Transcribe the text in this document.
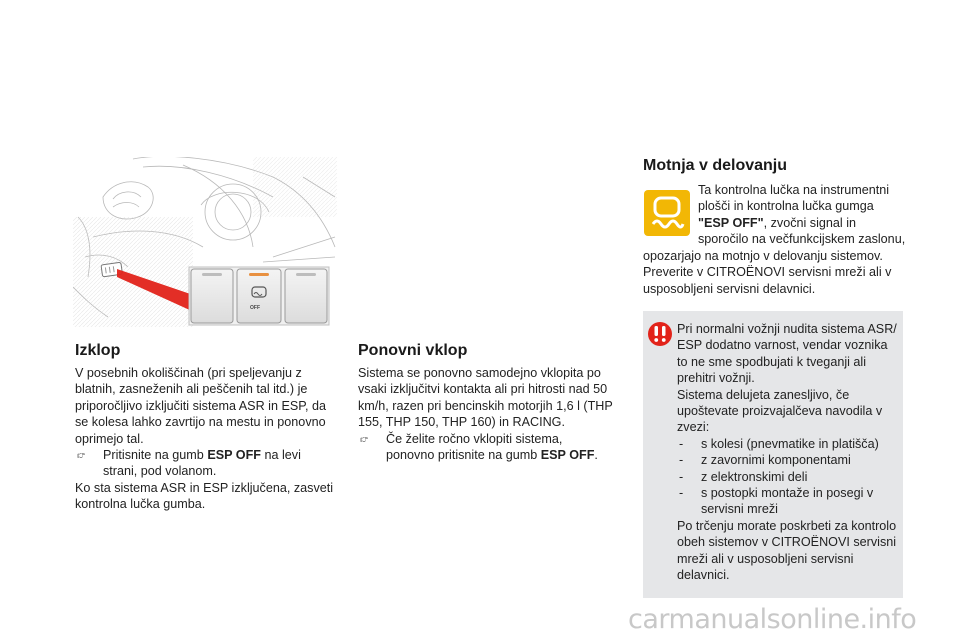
OFF
Izklop

V posebnih okoliščinah (pri speljevanju z blatnih, zasneženih ali peščenih tal itd.) je priporočljivo izključiti sistema ASR in ESP, da se kolesa lahko zavrtijo na mestu in ponovno oprimejo tal.

👉︎	Pritisnite na gumb ESP OFF na levi strani, pod volanom.

Ko sta sistema ASR in ESP izključena, zasveti kontrolna lučka gumba.

Ponovni vklop

Sistema se ponovno samodejno vklopita po vsaki izključitvi kontakta ali pri hitrosti nad 50 km/h, razen pri bencinskih motorjih 1,6 l (THP 155, THP 150, THP 160) in RACING.

👉︎	Če želite ročno vklopiti sistema, ponovno pritisnite na gumb ESP OFF.
Motnja v delovanju
Ta kontrolna lučka na instrumentni plošči in kontrolna lučka gumga "ESP OFF", zvočni signal in sporočilo na večfunkcijskem zaslonu,
opozarjajo na motnjo v delovanju sistemov. Preverite v CITROËNOVI servisni mreži ali v usposobljeni servisni delavnici.

Pri normalni vožnji nudita sistema ASR/ ESP dodatno varnost, vendar voznika to ne sme spodbujati k tveganji ali prehitri vožnji.

Sistema delujeta zanesljivo, če upoštevate proizvajalčeva navodila v zvezi:

-	s kolesi (pnevmatike in platišča)
-	z zavornimi komponentami
-	z elektronskimi deli
-	s postopki montaže in posegi v servisni mreži

Po trčenju morate poskrbeti za kontrolo obeh sistemov v CITROËNOVI servisni mreži ali v usposobljeni servisni delavnici.

carmanualsonline.info
